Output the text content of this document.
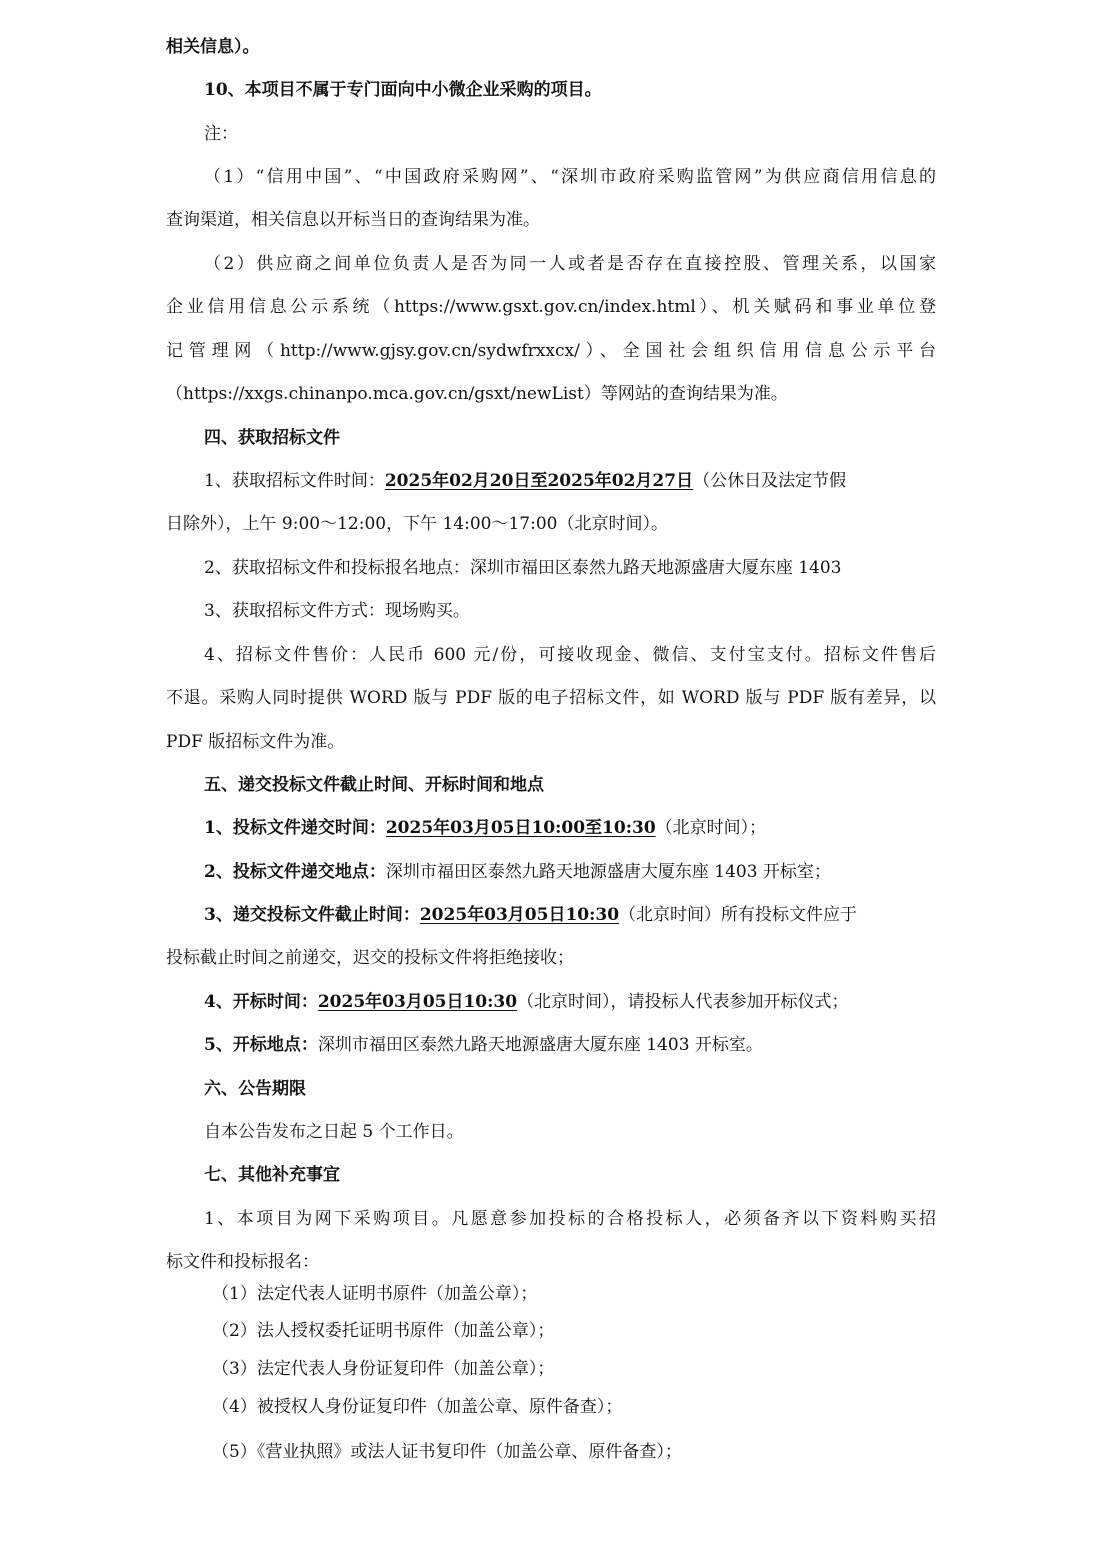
相关信息）。
10、本项目不属于专门面向中小微企业采购的项目。
注：
（1）“信用中国”、“中国政府采购网”、“深圳市政府采购监管网”为供应商信用信息的
查询渠道，相关信息以开标当日的查询结果为准。
（2）供应商之间单位负责人是否为同一人或者是否存在直接控股、管理关系，以国家
企业信用信息公示系统（https://www.gsxt.gov.cn/index.html）、机关赋码和事业单位登
记管理网（http://www.gjsy.gov.cn/sydwfrxxcx/）、全国社会组织信用信息公示平台
（https://xxgs.chinanpo.mca.gov.cn/gsxt/newList）等网站的查询结果为准。
四、获取招标文件
1、获取招标文件时间：2025年02月20日至2025年02月27日（公休日及法定节假
日除外），上午 9:00～12:00，下午 14:00～17:00（北京时间）。
2、获取招标文件和投标报名地点：深圳市福田区泰然九路天地源盛唐大厦东座 1403
3、获取招标文件方式：现场购买。
4、招标文件售价：人民币 600 元/份，可接收现金、微信、支付宝支付。招标文件售后
不退。采购人同时提供 WORD 版与 PDF 版的电子招标文件，如 WORD 版与 PDF 版有差异，以
PDF 版招标文件为准。
五、递交投标文件截止时间、开标时间和地点
1、投标文件递交时间：2025年03月05日10:00至10:30（北京时间）；
2、投标文件递交地点：深圳市福田区泰然九路天地源盛唐大厦东座 1403 开标室；
3、递交投标文件截止时间：2025年03月05日10:30（北京时间）所有投标文件应于
投标截止时间之前递交，迟交的投标文件将拒绝接收；
4、开标时间：2025年03月05日10:30（北京时间），请投标人代表参加开标仪式；
5、开标地点：深圳市福田区泰然九路天地源盛唐大厦东座 1403 开标室。
六、公告期限
自本公告发布之日起 5 个工作日。
七、其他补充事宜
1、本项目为网下采购项目。凡愿意参加投标的合格投标人，必须备齐以下资料购买招
标文件和投标报名：
（1）法定代表人证明书原件（加盖公章）；
（2）法人授权委托证明书原件（加盖公章）；
（3）法定代表人身份证复印件（加盖公章）；
（4）被授权人身份证复印件（加盖公章、原件备查）；
（5）《营业执照》或法人证书复印件（加盖公章、原件备查）；
